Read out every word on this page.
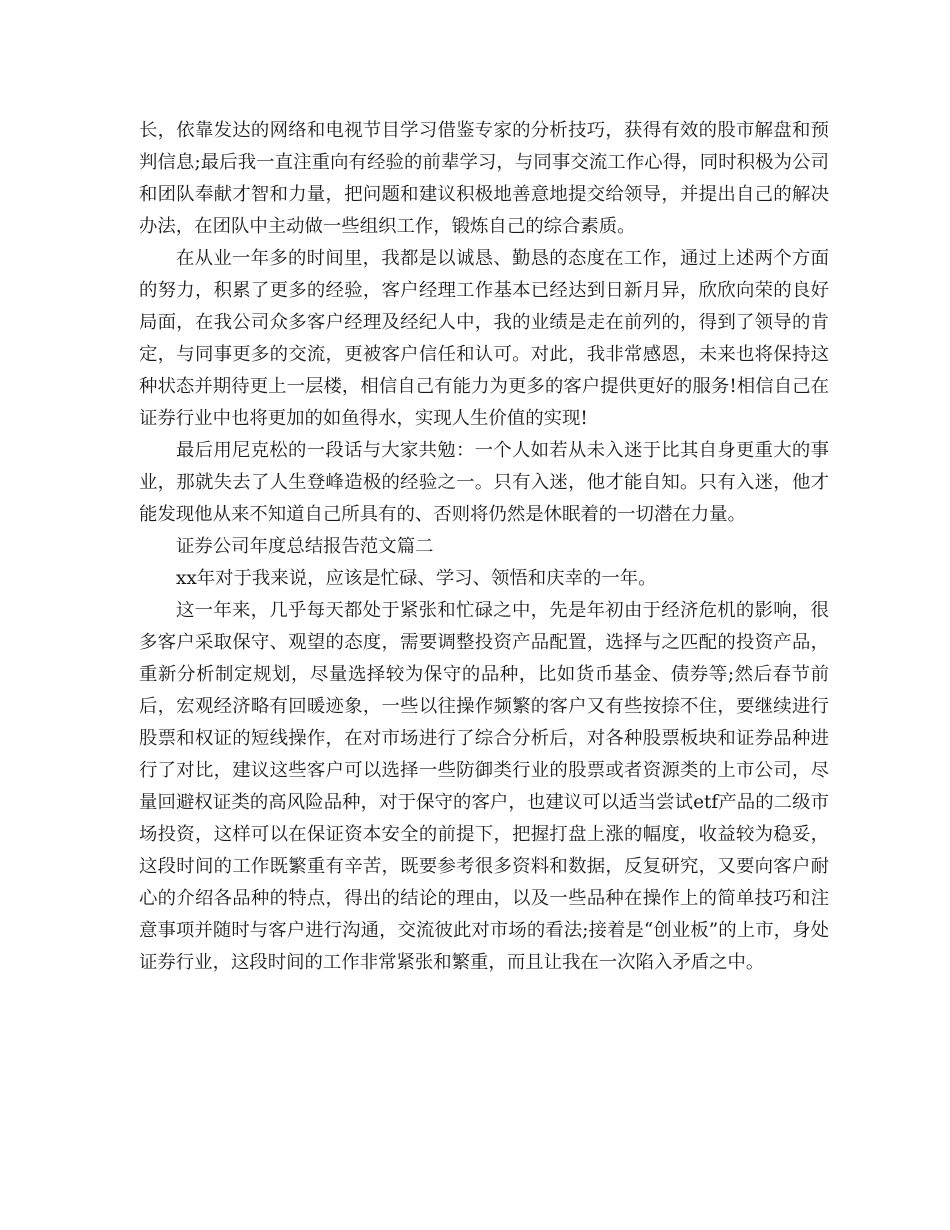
长，依靠发达的网络和电视节目学习借鉴专家的分析技巧，获得有效的股市解盘和预判信息;最后我一直注重向有经验的前辈学习，与同事交流工作心得，同时积极为公司和团队奉献才智和力量，把问题和建议积极地善意地提交给领导，并提出自己的解决办法，在团队中主动做一些组织工作，锻炼自己的综合素质。

在从业一年多的时间里，我都是以诚恳、勤恳的态度在工作，通过上述两个方面的努力，积累了更多的经验，客户经理工作基本已经达到日新月异，欣欣向荣的良好局面，在我公司众多客户经理及经纪人中，我的业绩是走在前列的，得到了领导的肯定，与同事更多的交流，更被客户信任和认可。对此，我非常感恩，未来也将保持这种状态并期待更上一层楼，相信自己有能力为更多的客户提供更好的服务!相信自己在证券行业中也将更加的如鱼得水，实现人生价值的实现!

最后用尼克松的一段话与大家共勉：一个人如若从未入迷于比其自身更重大的事业，那就失去了人生登峰造极的经验之一。只有入迷，他才能自知。只有入迷，他才能发现他从来不知道自己所具有的、否则将仍然是休眠着的一切潜在力量。

证券公司年度总结报告范文篇二

xx年对于我来说，应该是忙碌、学习、领悟和庆幸的一年。

这一年来，几乎每天都处于紧张和忙碌之中，先是年初由于经济危机的影响，很多客户采取保守、观望的态度，需要调整投资产品配置，选择与之匹配的投资产品，重新分析制定规划，尽量选择较为保守的品种，比如货币基金、债券等;然后春节前后，宏观经济略有回暖迹象，一些以往操作频繁的客户又有些按捺不住，要继续进行股票和权证的短线操作，在对市场进行了综合分析后，对各种股票板块和证券品种进行了对比，建议这些客户可以选择一些防御类行业的股票或者资源类的上市公司，尽量回避权证类的高风险品种，对于保守的客户，也建议可以适当尝试etf产品的二级市场投资，这样可以在保证资本安全的前提下，把握打盘上涨的幅度，收益较为稳妥，这段时间的工作既繁重有辛苦，既要参考很多资料和数据，反复研究，又要向客户耐心的介绍各品种的特点，得出的结论的理由，以及一些品种在操作上的简单技巧和注意事项并随时与客户进行沟通，交流彼此对市场的看法;接着是“创业板”的上市，身处证券行业，这段时间的工作非常紧张和繁重，而且让我在一次陷入矛盾之中。
